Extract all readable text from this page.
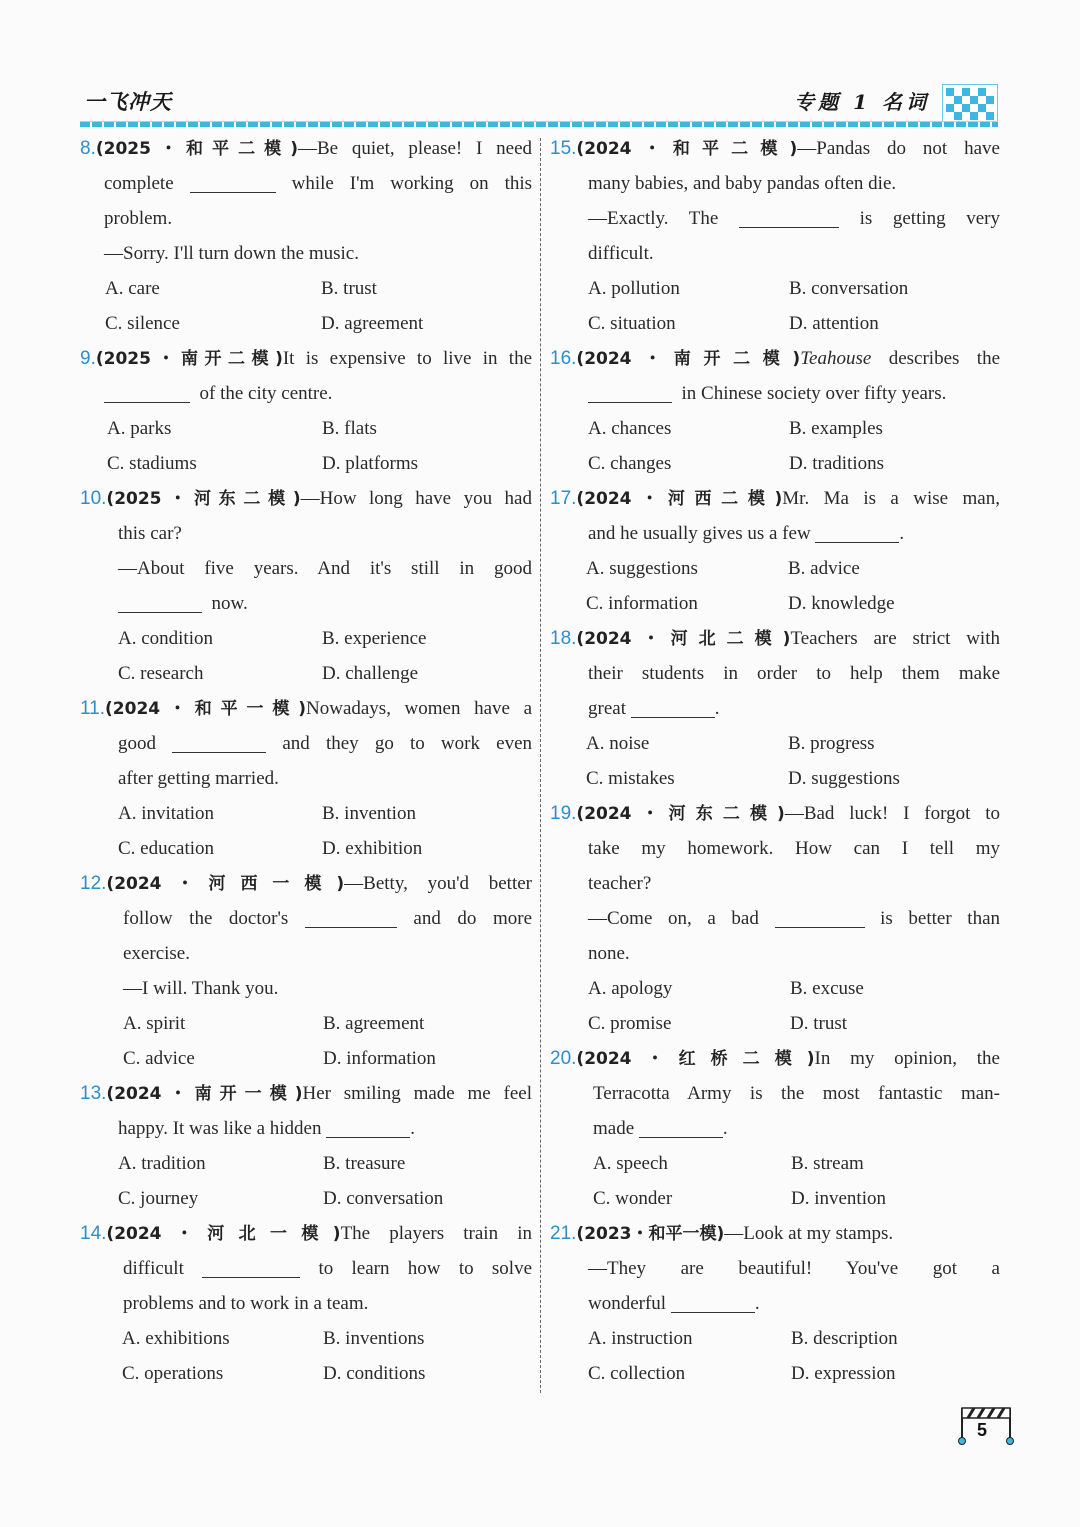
一飞冲天	专题 1 名词
8.(2025・和平二模)—Be quiet, please! I need
complete	while I'm working on this
problem.
—Sorry. I'll turn down the music.
A. care	B. trust
C. silence	D. agreement
9.(2025・南开二模)It is expensive to live in the
of the city centre.
A. parks	B. flats
C. stadiums	D. platforms
10.(2025・河东二模)—How long have you had
this car?
—About five years. And it's still in good
now.
A. condition	B. experience
C. research	D. challenge
11.(2024・和平一模)Nowadays, women have a
good	and they go to work even
after getting married.
A. invitation	B. invention
C. education	D. exhibition
12.(2024・河西一模)—Betty, you'd better
follow the doctor's	and do more
exercise.
—I will. Thank you.
A. spirit	B. agreement
C. advice	D. information
13.(2024・南开一模)Her smiling made me feel
happy. It was like a hidden	.
A. tradition	B. treasure
C. journey	D. conversation
14.(2024・河北一模)The players train in
difficult	to learn how to solve
problems and to work in a team.
A. exhibitions	B. inventions
C. operations	D. conditions
15.(2024・和平二模)—Pandas do not have
many babies, and baby pandas often die.
—Exactly. The	is getting very
difficult.
A. pollution	B. conversation
C. situation	D. attention
16.(2024・南开二模)Teahouse describes the
in Chinese society over fifty years.
A. chances	B. examples
C. changes	D. traditions
17.(2024・河西二模)Mr. Ma is a wise man,
and he usually gives us a few	.
A. suggestions	B. advice
C. information	D. knowledge
18.(2024・河北二模)Teachers are strict with
their students in order to help them make
great	.
A. noise	B. progress
C. mistakes	D. suggestions
19.(2024・河东二模)—Bad luck! I forgot to
take my homework. How can I tell my
teacher?
—Come on, a bad	is better than
none.
A. apology	B. excuse
C. promise	D. trust
20.(2024・红桥二模)In my opinion, the
Terracotta Army is the most fantastic man-
made	.
A. speech	B. stream
C. wonder	D. invention
21.(2023・和平一模)—Look at my stamps.
—They are beautiful! You've got a
wonderful	.
A. instruction	B. description
C. collection	D. expression
5
